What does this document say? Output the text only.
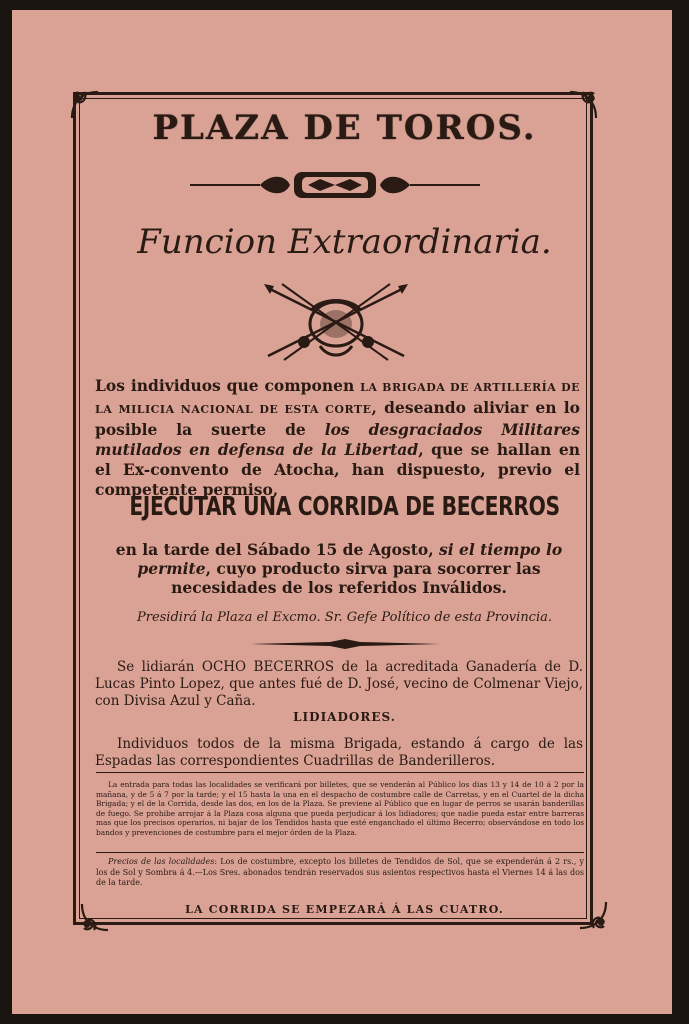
PLAZA DE TOROS.
Funcion Extraordinaria.
Los individuos que componen LA BRIGADA DE ARTILLERÍA DE LA MILICIA NACIONAL DE ESTA CORTE, deseando aliviar en lo posible la suerte de los desgraciados Militares mutilados en defensa de la Libertad, que se hallan en el Ex-convento de Atocha, han dispuesto, previo el competente permiso,
EJECUTAR UNA CORRIDA DE BECERROS
en la tarde del Sábado 15 de Agosto, si el tiempo lo permite, cuyo producto sirva para socorrer las necesidades de los referidos Inválidos.
Presidirá la Plaza el Excmo. Sr. Gefe Político de esta Provincia.
Se lidiarán OCHO BECERROS de la acreditada Ganadería de D. Lucas Pinto Lopez, que antes fué de D. José, vecino de Colmenar Viejo, con Divisa Azul y Caña.
LIDIADORES.
Individuos todos de la misma Brigada, estando á cargo de las Espadas las correspondientes Cuadrillas de Banderilleros.
La entrada para todas las localidades se verificará por billetes, que se venderán al Público los dias 13 y 14 de 10 á 2 por la mañana, y de 5 á 7 por la tarde; y el 15 hasta la una en el despacho de costumbre calle de Carretas, y en el Cuartel de la dicha Brigada; y el de la Corrida, desde las dos, en los de la Plaza. Se previene al Público que en lugar de perros se usarán banderillas de fuego. Se prohibe arrojar á la Plaza cosa alguna que pueda perjudicar á los lidiadores; que nadie pueda estar entre barreras mas que los precisos operarios, ni bajar de los Tendidos hasta que esté enganchado el último Becerro; observándose en todo los bandos y prevenciones de costumbre para el mejor órden de la Plaza.
Precios de las localidades: Los de costumbre, excepto los billetes de Tendidos de Sol, que se expenderán á 2 rs., y los de Sol y Sombra á 4.—Los Sres. abonados tendrán reservados sus asientos respectivos hasta el Viernes 14 á las dos de la tarde.
LA CORRIDA SE EMPEZARÁ Á LAS CUATRO.
